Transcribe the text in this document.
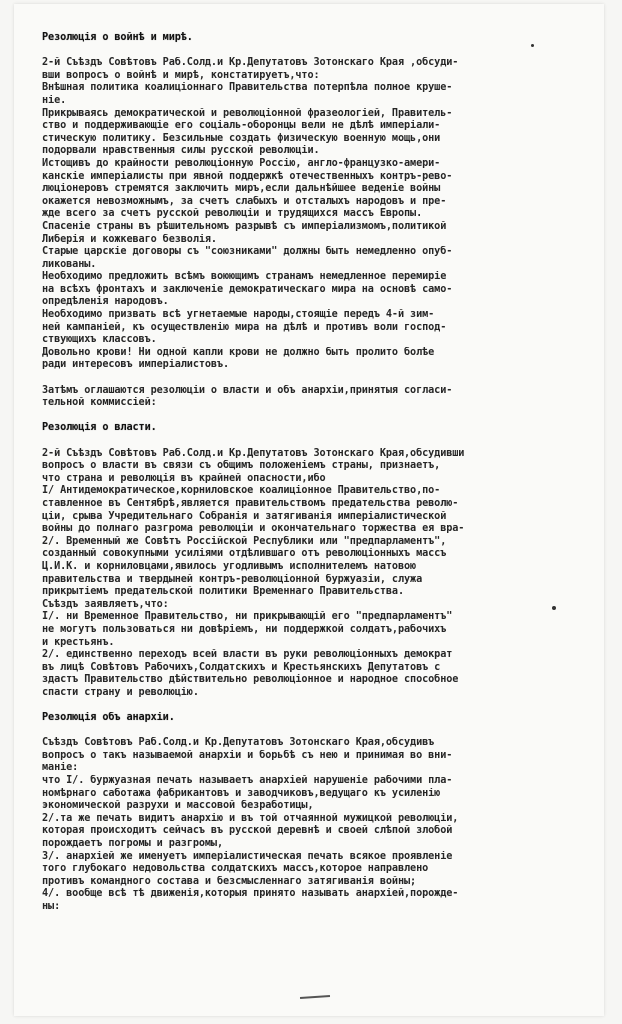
Резолюція о войнѣ и мирѣ.
2-й Съѣздъ Совѣтовъ Раб.Солд.и Кр.Депутатовъ Зотонскаго Края ,обсуди-
вши вопросъ о войнѣ и мирѣ, констатируетъ,что:
Внѣшная политика коалиціоннаго Правительства потерпѣла полное круше-
ніе.
Прикрываясь демократической и революціонной фразеологіей, Правитель-
ство и поддерживающіе его соціаль-оборонцы вели не дѣлѣ имперіали-
стическую политику. Безсильные создать физическую военную мощь,они
подорвали нравственныя силы русской революціи.
Истощивъ до крайности революціонную Россію, англо-французко-амери-
канскіе имперіалисты при явной поддержкѣ отечественныхъ контръ-рево-
люціонеровъ стремятся заключить миръ,если дальнѣйшее веденіе войны
окажется невозможнымъ, за счетъ слабыхъ и отсталыхъ народовъ и пре-
жде всего за счетъ русской революціи и трудящихся массъ Европы.
Спасеніе страны въ рѣшительномъ разрывѣ съ имперіализмомъ,политикой
Либерія и кожкеваго безволія.
Старые царскіе договоры съ "союзниками" должны быть немедленно опуб-
ликованы.
Необходимо предложить всѣмъ воюющимъ странамъ немедленное перемиріе
на всѣхъ фронтахъ и заключеніе демократическаго мира на основѣ само-
опредѣленія народовъ.
Необходимо призвать всѣ угнетаемые народы,стоящіе передъ 4-й зим-
ней кампаніей, къ осуществленію мира на дѣлѣ и противъ воли господ-
ствующихъ классовъ.
Довольно крови! Ни одной капли крови не должно быть пролито болѣе
ради интересовъ имперіалистовъ.
Затѣмъ оглашаются резолюціи о власти и объ анархіи,принятыя согласи-
тельной коммиссіей:
Резолюція о власти.
2-й Съѣздъ Совѣтовъ Раб.Солд.и Кр.Депутатовъ Зотонскаго Края,обсудивши
вопросъ о власти въ связи съ общимъ положеніемъ страны, признаетъ,
что страна и революція въ крайней опасности,ибо
I/ Антидемократическое,корниловское коалиціонное Правительство,по-
ставленное въ Сентябрѣ,является правительствомъ предательства револю-
ціи, срыва Учредительнаго Собранія и затягиванія имперіалистической
войны до полнаго разгрома революціи и окончательнаго торжества ея вра-
2/. Временный же Совѣтъ Россійской Республики или "предпарламентъ",
созданный совокупными усиліями отдѣлившаго отъ революціонныхъ массъ
Ц.И.К. и корниловцами,явилось угодливымъ исполнителемъ натовою
правительства и твердыней контръ-революціонной буржуазіи, служа
прикрытіемъ предательской политики Временнаго Правительства.
Съѣздъ заявляетъ,что:
I/. ни Временное Правительство, ни прикрывающій его "предпарламентъ"
не могутъ пользоваться ни довѣріемъ, ни поддержкой солдатъ,рабочихъ
и крестьянъ.
2/. единственно переходъ всей власти въ руки революціонныхъ демократ
въ лицѣ Совѣтовъ Рабочихъ,Солдатскихъ и Крестьянскихъ Депутатовъ с
здастъ Правительство дѣйствительно революціонное и народное способное
спасти страну и революцію.
Резолюція объ анархіи.
Съѣздъ Совѣтовъ Раб.Солд.и Кр.Депутатовъ Зотонскаго Края,обсудивъ
вопросъ о такъ называемой анархіи и борьбѣ съ нею и принимая во вни-
маніе:
что I/. буржуазная печать называетъ анархіей нарушеніе рабочими пла-
номѣрнаго саботажа фабрикантовъ и заводчиковъ,ведущаго къ усиленію
экономической разрухи и массовой безработицы,
2/.та же печать видитъ анархію и въ той отчаянной мужицкой революціи,
которая происходитъ сейчасъ въ русской деревнѣ и своей слѣпой злобой
порождаетъ погромы и разгромы,
3/. анархіей же именуетъ имперіалистическая печать всякое проявленіе
того глубокаго недовольства солдатскихъ массъ,которое направлено
противъ командного состава и безсмысленнаго затягиванія войны;
4/. вообще всѣ тѣ движенія,которыя принято называть анархіей,порожде-
ны:
